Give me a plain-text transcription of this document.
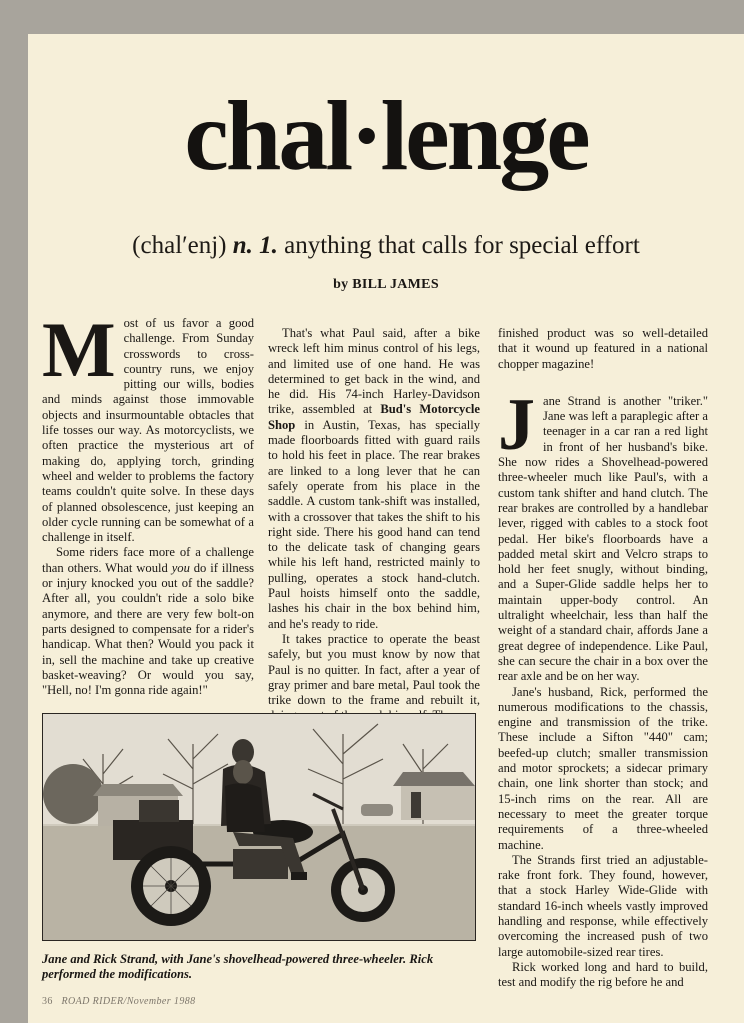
chal·lenge
(chal′enj) n. 1. anything that calls for special effort
by BILL JAMES

Most of us favor a good challenge. From Sunday crosswords to cross-country runs, we enjoy pitting our wills, bodies and minds against those immovable objects and insurmountable obtacles that life tosses our way. As motorcyclists, we often practice the mysterious art of making do, applying torch, grinding wheel and welder to problems the factory teams couldn't quite solve. In these days of planned obsolescence, just keeping an older cycle running can be somewhat of a challenge in itself.

Some riders face more of a challenge than others. What would you do if illness or injury knocked you out of the saddle? After all, you couldn't ride a solo bike anymore, and there are very few bolt-on parts designed to compensate for a rider's handicap. What then? Would you pack it in, sell the machine and take up creative basket-weaving? Or would you say, "Hell, no! I'm gonna ride again!"

That's what Paul said, after a bike wreck left him minus control of his legs, and limited use of one hand. He was determined to get back in the wind, and he did. His 74-inch Harley-Davidson trike, assembled at Bud's Motorcycle Shop in Austin, Texas, has specially made floorboards fitted with guard rails to hold his feet in place. The rear brakes are linked to a long lever that he can safely operate from his place in the saddle. A custom tank-shift was installed, with a crossover that takes the shift to his right side. There his good hand can tend to the delicate task of changing gears while his left hand, restricted mainly to pulling, operates a stock hand-clutch. Paul hoists himself onto the saddle, lashes his chair in the box behind him, and he's ready to ride.

It takes practice to operate the beast safely, but you must know by now that Paul is no quitter. In fact, after a year of gray primer and bare metal, Paul took the trike down to the frame and rebuilt it,

finished product was so well-detailed that it wound up featured in a national chopper magazine!

Jane Strand is another "triker." Jane was left a paraplegic after a teenager in a car ran a red light in front of her husband's bike. She now rides a Shovelhead-powered three-wheeler much like Paul's, with a custom tank shifter and hand clutch. The rear brakes are controlled by a handlebar lever, rigged with cables to a stock foot pedal. Her bike's floorboards have a padded metal skirt and Velcro straps to hold her feet snugly, without binding, and a Super-Glide saddle helps her to maintain upper-body control. An ultralight wheelchair, less than half the weight of a standard chair, affords Jane a great degree of independence. Like Paul, she can secure the chair in a box over the rear axle and be on her way.

Jane's husband, Rick, performed the numerous modifications to the chassis, engine and transmission of the trike. These include a Sifton "440" cam; beefed-up clutch; smaller transmission and motor sprockets; a sidecar primary chain, one link shorter than stock; and 15-inch rims on the rear. All are necessary to meet the greater torque requirements of a three-wheeled machine.

The Strands first tried an adjustable-rake front fork. They found, however, that a stock Harley Wide-Glide with standard 16-inch wheels vastly improved handling and response, while effectively overcoming the increased push of two large automobile-sized rear tires.

Rick worked long and hard to build, test and modify the rig before he and

Jane and Rick Strand, with Jane's shovelhead-powered three-wheeler. Rick performed the modifications.
36 ROAD RIDER/November 1988
